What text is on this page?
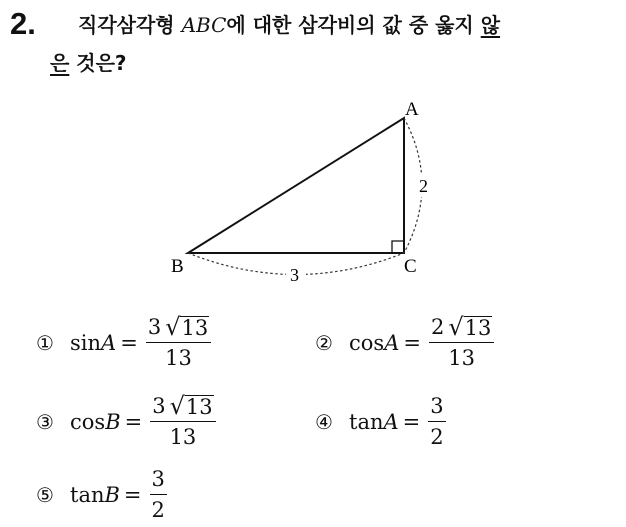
2. 직각삼각형 ABC에 대한 삼각비의 값 중 옳지 않
은 것은?
A
B	C
2
3
① $\sin A = \frac{3 √ 13}{13}$	② $\cos A = \frac{2 √ 13}{13}$
③ $\cos B = \frac{3 √ 13}{13}$	④ $\tan A = \frac{3}{2}$
⑤ $\tan B = \frac{3}{2}$
